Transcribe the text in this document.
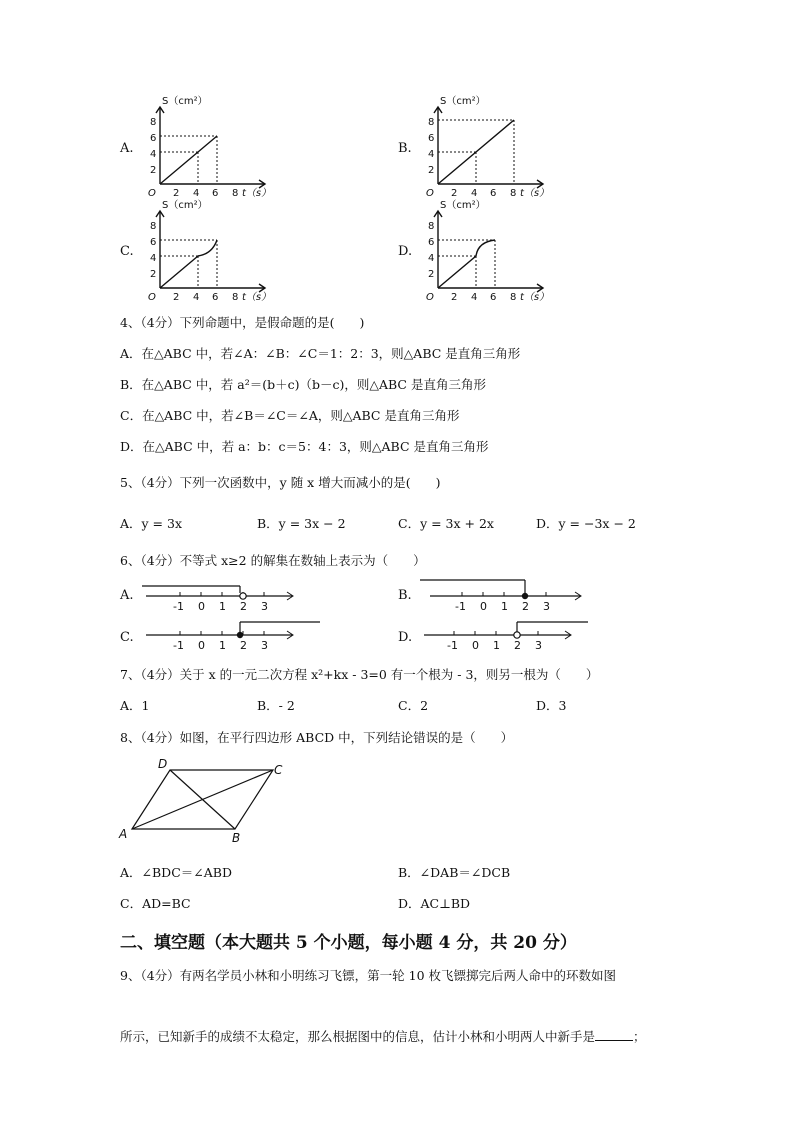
A.	B.
C.	D.
S（cm²）
8
6
4
2
O 2 4 6 8 t（s）
S（cm²）
8
6
4
2
O 2 4 6 8 t（s）
S（cm²）
8
6
4
2
O 2 4 6 8 t（s）
S（cm²）
8
6
4
2
O 2 4 6 8 t（s）
4、（4分）下列命题中，是假命题的是(　　)
A．在△ABC 中，若∠A：∠B：∠C＝1：2：3，则△ABC 是直角三角形
B．在△ABC 中，若 a²＝(b＋c)（b－c)，则△ABC 是直角三角形
C．在△ABC 中，若∠B＝∠C＝∠A，则△ABC 是直角三角形
D．在△ABC 中，若 a：b：c＝5：4：3，则△ABC 是直角三角形
5、（4分）下列一次函数中，y 随 x 增大而减小的是(　　)
A．y = 3x	B．y = 3x − 2	C．y = 3x + 2x	D．y = −3x − 2
6、（4分）不等式 x≥2 的解集在数轴上表示为（　　）
A.
-1 0 1 2 3
B.
-1 0 1 2 3
C.
-1 0 1 2 3
D.
-1 0 1 2 3
7、（4分）关于 x 的一元二次方程 x²+kx - 3=0 有一个根为 - 3，则另一根为（　　）
A．1	B．- 2	C．2	D．3
8、（4分）如图，在平行四边形 ABCD 中，下列结论错误的是（　　）
D	C
A	B
A．∠BDC＝∠ABD	B．∠DAB＝∠DCB
C．AD=BC	D．AC⊥BD
二、填空题（本大题共 5 个小题，每小题 4 分，共 20 分）
9、（4分）有两名学员小林和小明练习飞镖，第一轮 10 枚飞镖掷完后两人命中的环数如图
所示，已知新手的成绩不太稳定，那么根据图中的信息，估计小林和小明两人中新手是	；
